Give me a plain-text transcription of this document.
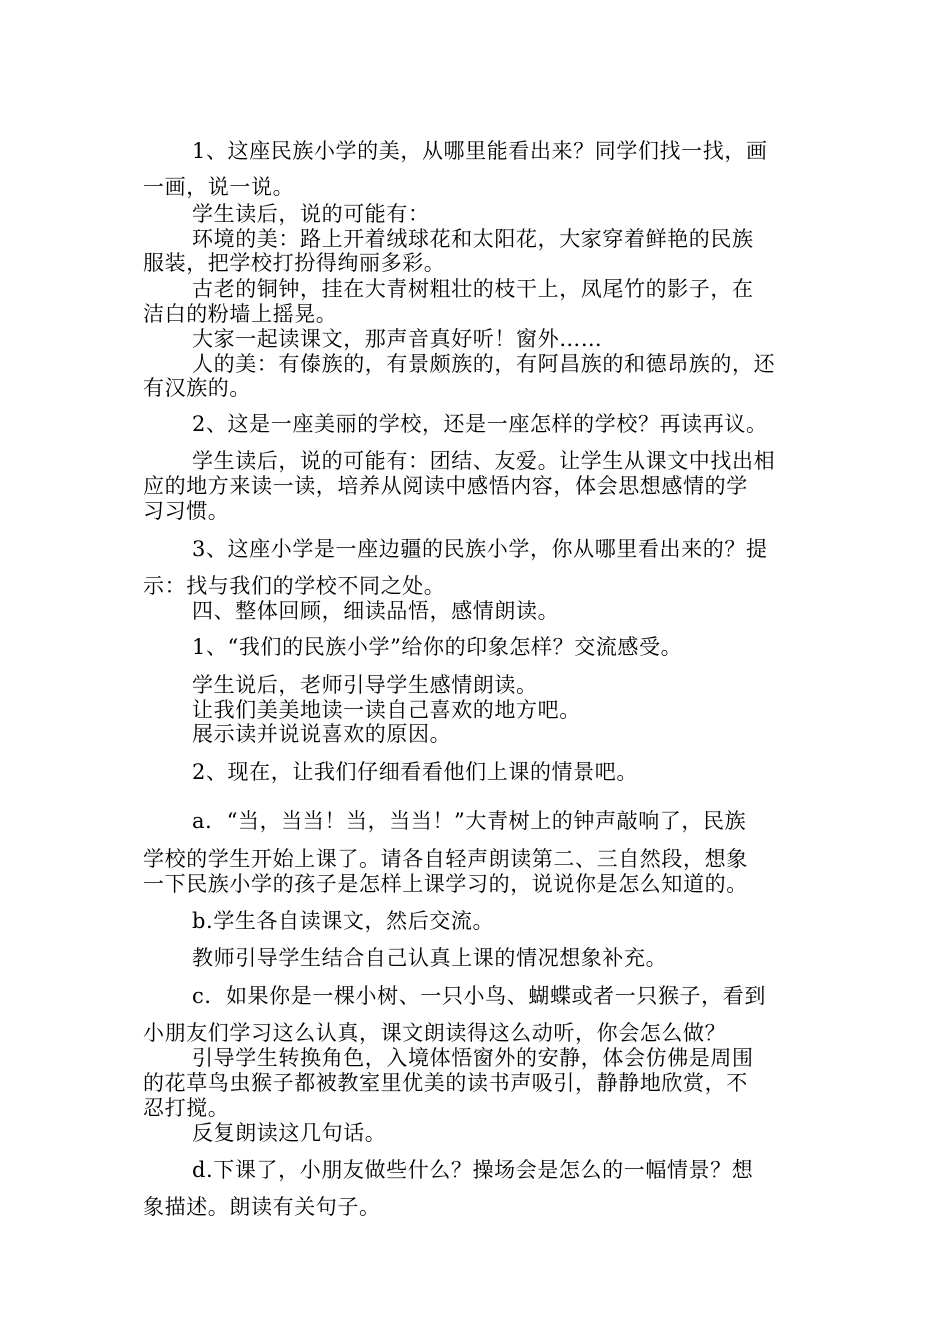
1、这座民族小学的美，从哪里能看出来？同学们找一找，画
一画，说一说。
学生读后，说的可能有：
环境的美：路上开着绒球花和太阳花，大家穿着鲜艳的民族
服装，把学校打扮得绚丽多彩。
古老的铜钟，挂在大青树粗壮的枝干上，凤尾竹的影子，在
洁白的粉墙上摇晃。
大家一起读课文，那声音真好听！窗外……
人的美：有傣族的，有景颇族的，有阿昌族的和德昂族的，还
有汉族的。
2、这是一座美丽的学校，还是一座怎样的学校？再读再议。
学生读后，说的可能有：团结、友爱。让学生从课文中找出相
应的地方来读一读，培养从阅读中感悟内容，体会思想感情的学
习习惯。
3、这座小学是一座边疆的民族小学，你从哪里看出来的？提
示：找与我们的学校不同之处。
四、整体回顾，细读品悟，感情朗读。
1、“我们的民族小学”给你的印象怎样？交流感受。
学生说后，老师引导学生感情朗读。
让我们美美地读一读自己喜欢的地方吧。
展示读并说说喜欢的原因。
2、现在，让我们仔细看看他们上课的情景吧。
a．“当，当当！当，当当！”大青树上的钟声敲响了，民族
学校的学生开始上课了。请各自轻声朗读第二、三自然段，想象
一下民族小学的孩子是怎样上课学习的，说说你是怎么知道的。
b.学生各自读课文，然后交流。
教师引导学生结合自己认真上课的情况想象补充。
c．如果你是一棵小树、一只小鸟、蝴蝶或者一只猴子，看到
小朋友们学习这么认真，课文朗读得这么动听，你会怎么做？
引导学生转换角色，入境体悟窗外的安静，体会仿佛是周围
的花草鸟虫猴子都被教室里优美的读书声吸引，静静地欣赏，不
忍打搅。
反复朗读这几句话。
d.下课了，小朋友做些什么？操场会是怎么的一幅情景？想
象描述。朗读有关句子。
